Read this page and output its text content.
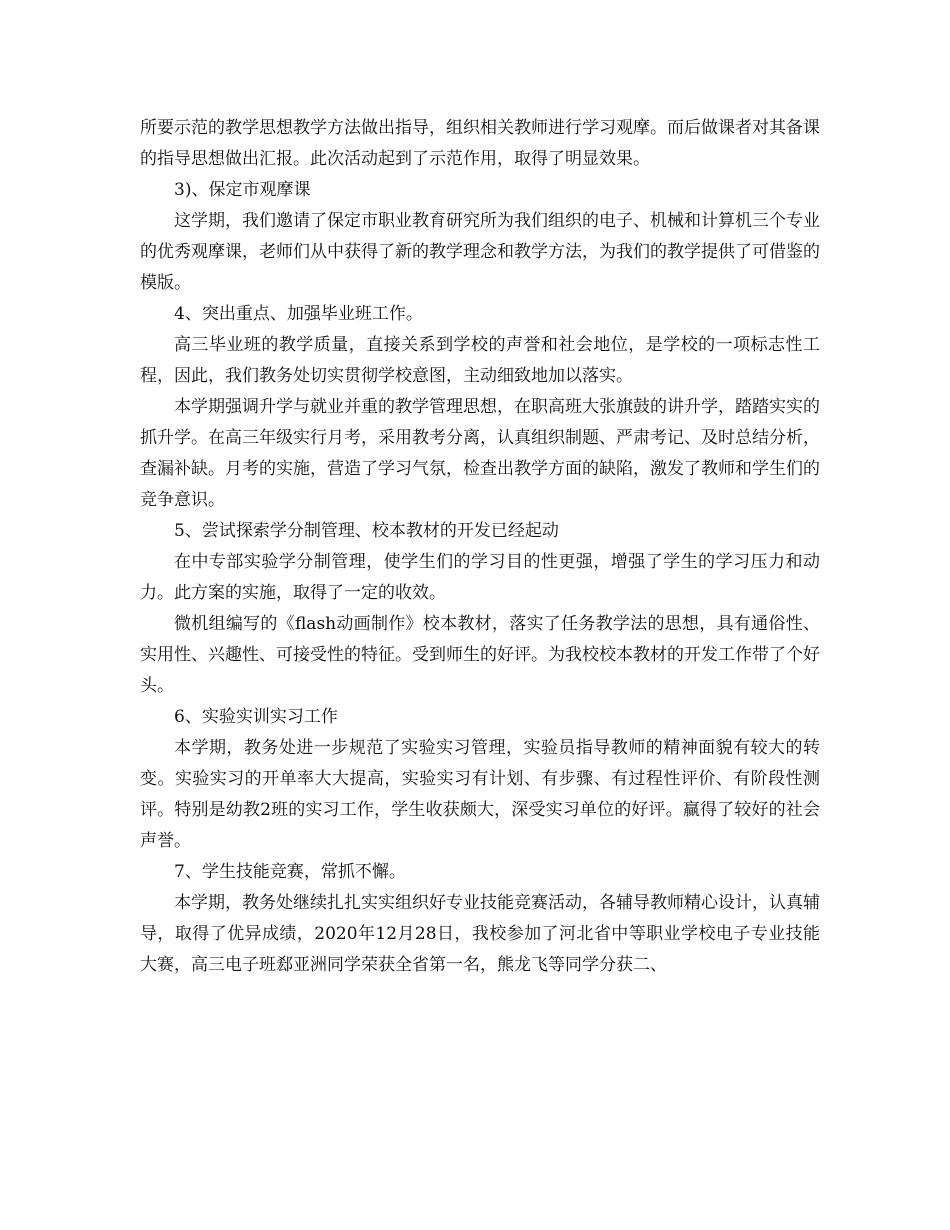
所要示范的教学思想教学方法做出指导，组织相关教师进行学习观摩。而后做课者对其备课的指导思想做出汇报。此次活动起到了示范作用，取得了明显效果。

3)、保定市观摩课

这学期，我们邀请了保定市职业教育研究所为我们组织的电子、机械和计算机三个专业的优秀观摩课，老师们从中获得了新的教学理念和教学方法，为我们的教学提供了可借鉴的模版。

4、突出重点、加强毕业班工作。

高三毕业班的教学质量，直接关系到学校的声誉和社会地位，是学校的一项标志性工程，因此，我们教务处切实贯彻学校意图，主动细致地加以落实。

本学期强调升学与就业并重的教学管理思想，在职高班大张旗鼓的讲升学，踏踏实实的抓升学。在高三年级实行月考，采用教考分离，认真组织制题、严肃考记、及时总结分析，查漏补缺。月考的实施，营造了学习气氛，检查出教学方面的缺陷，激发了教师和学生们的竞争意识。

5、尝试探索学分制管理、校本教材的开发已经起动

在中专部实验学分制管理，使学生们的学习目的性更强，增强了学生的学习压力和动力。此方案的实施，取得了一定的收效。

微机组编写的《flash动画制作》校本教材，落实了任务教学法的思想，具有通俗性、实用性、兴趣性、可接受性的特征。受到师生的好评。为我校校本教材的开发工作带了个好头。

6、实验实训实习工作

本学期，教务处进一步规范了实验实习管理，实验员指导教师的精神面貌有较大的转变。实验实习的开单率大大提高，实验实习有计划、有步骤、有过程性评价、有阶段性测评。特别是幼教2班的实习工作，学生收获颇大，深受实习单位的好评。赢得了较好的社会声誉。

7、学生技能竞赛，常抓不懈。

本学期，教务处继续扎扎实实组织好专业技能竞赛活动，各辅导教师精心设计，认真辅导，取得了优异成绩，2020年12月28日，我校参加了河北省中等职业学校电子专业技能大赛，高三电子班郄亚洲同学荣获全省第一名，熊龙飞等同学分获二、
